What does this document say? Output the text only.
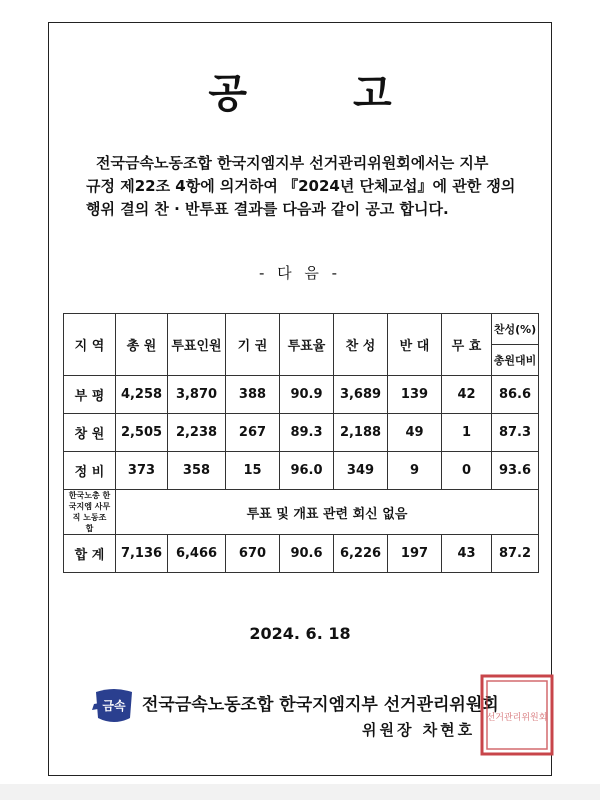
공 고
전국금속노동조합 한국지엠지부 선거관리위원회에서는 지부
규정 제22조 4항에 의거하여 『2024년 단체교섭』에 관한 쟁의
행위 결의 찬 · 반투표 결과를 다음과 같이 공고 합니다.

- 다 음 -

지 역	총 원	투표인원	기 권	투표율	찬 성	반 대	무 효	찬성(%)
								총원대비
부 평	4,258	3,870	388	90.9	3,689	139	42	86.6
창 원	2,505	2,238	267	89.3	2,188	49	1	87.3
정 비	373	358	15	96.0	349	9	0	93.6

한국노총 한
국지엠 사무
직 노동조
합	투표 및 개표 관련 회신 없음							
합 계	7,136	6,466	670	90.6	6,226	197	43	87.2

2024. 6. 18

금속 전국금속노동조합 한국지엠지부 선거관리위원회

위원장 차현호

선거관리위원회
